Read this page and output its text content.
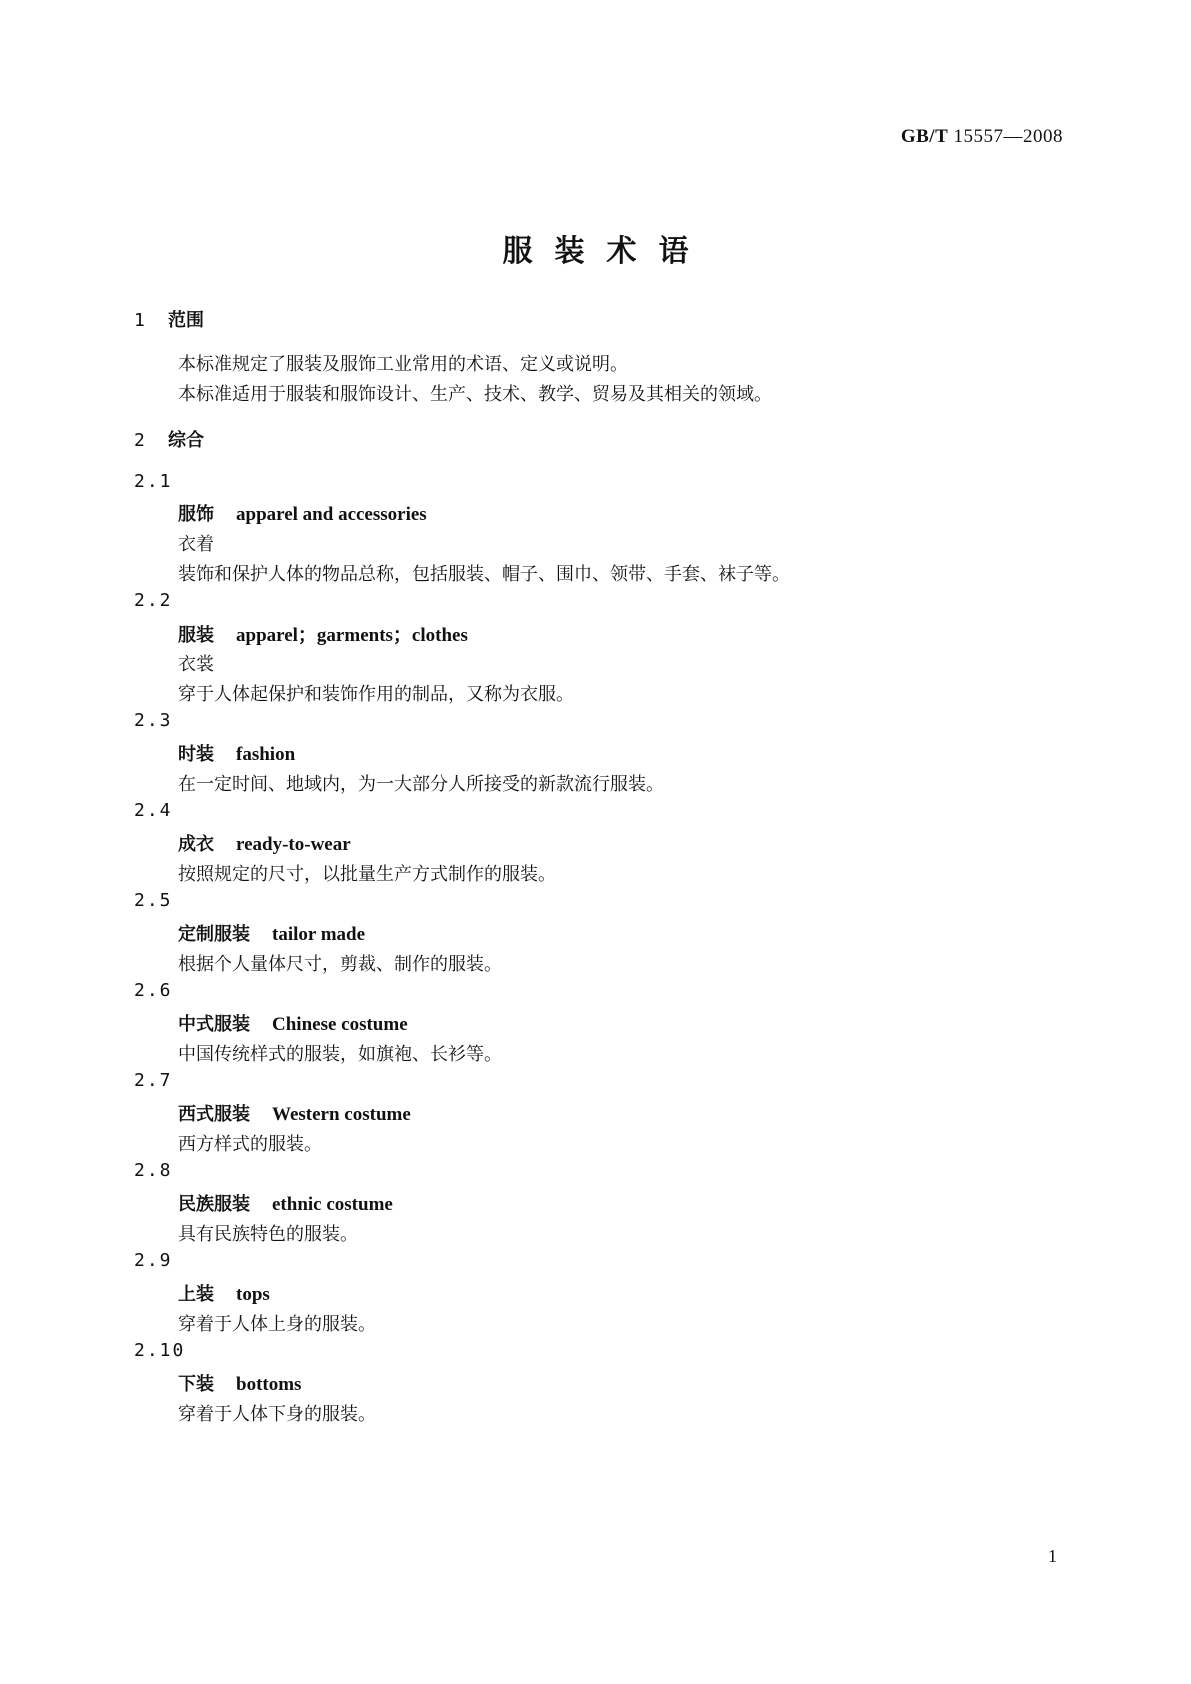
GB/T 15557—2008
服装术语
1 范围
本标准规定了服装及服饰工业常用的术语、定义或说明。
本标准适用于服装和服饰设计、生产、技术、教学、贸易及其相关的领域。
2 综合
2.1
服饰 apparel and accessories
衣着
装饰和保护人体的物品总称，包括服装、帽子、围巾、领带、手套、袜子等。
2.2
服装 apparel；garments；clothes
衣裳
穿于人体起保护和装饰作用的制品，又称为衣服。
2.3
时装 fashion
在一定时间、地域内，为一大部分人所接受的新款流行服装。
2.4
成衣 ready-to-wear
按照规定的尺寸，以批量生产方式制作的服装。
2.5
定制服装 tailor made
根据个人量体尺寸，剪裁、制作的服装。
2.6
中式服装 Chinese costume
中国传统样式的服装，如旗袍、长衫等。
2.7
西式服装 Western costume
西方样式的服装。
2.8
民族服装 ethnic costume
具有民族特色的服装。
2.9
上装 tops
穿着于人体上身的服装。
2.10
下装 bottoms
穿着于人体下身的服装。
1
